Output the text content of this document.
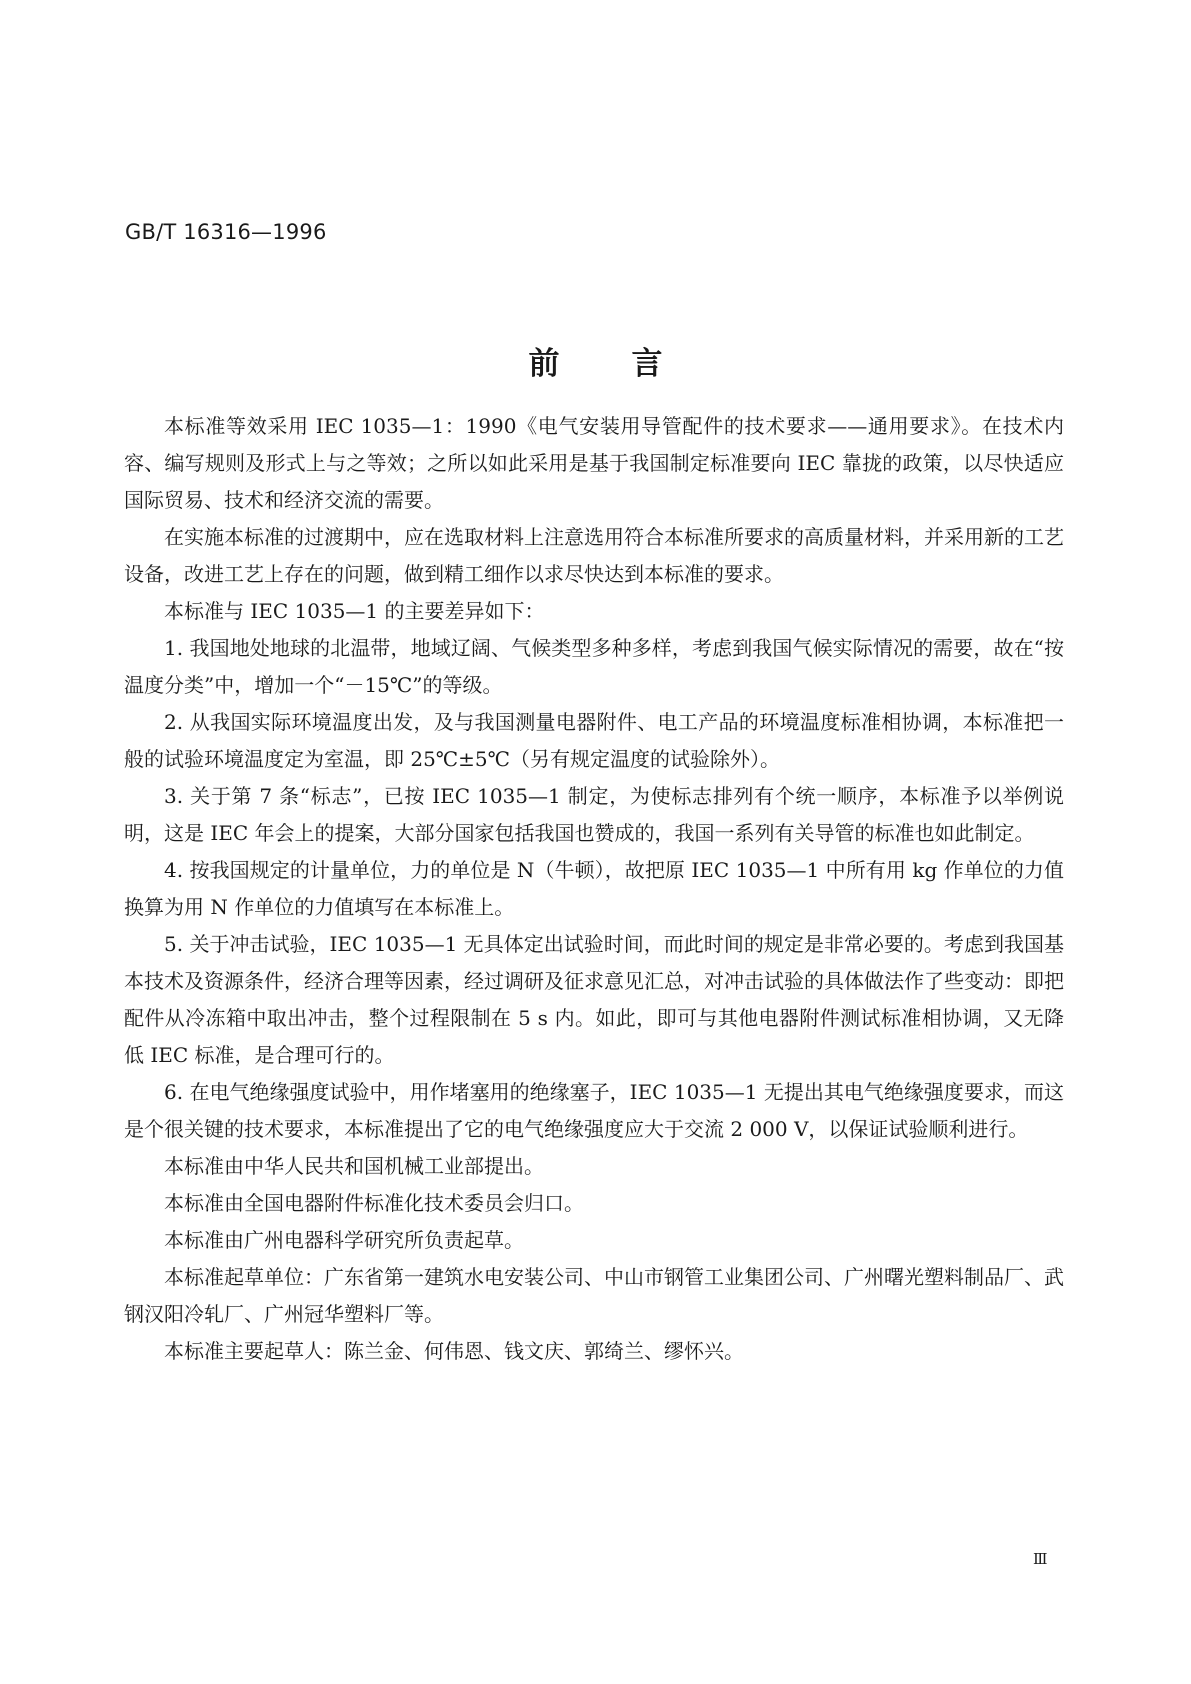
GB/T 16316—1996
前言

本标准等效采用 IEC 1035—1：1990《电气安装用导管配件的技术要求——通用要求》。在技术内容、编写规则及形式上与之等效；之所以如此采用是基于我国制定标准要向 IEC 靠拢的政策，以尽快适应国际贸易、技术和经济交流的需要。

在实施本标准的过渡期中，应在选取材料上注意选用符合本标准所要求的高质量材料，并采用新的工艺设备，改进工艺上存在的问题，做到精工细作以求尽快达到本标准的要求。

本标准与 IEC 1035—1 的主要差异如下：

1. 我国地处地球的北温带，地域辽阔、气候类型多种多样，考虑到我国气候实际情况的需要，故在“按温度分类”中，增加一个“－15℃”的等级。

2. 从我国实际环境温度出发，及与我国测量电器附件、电工产品的环境温度标准相协调，本标准把一般的试验环境温度定为室温，即 25℃±5℃（另有规定温度的试验除外）。

3. 关于第 7 条“标志”，已按 IEC 1035—1 制定，为使标志排列有个统一顺序，本标准予以举例说明，这是 IEC 年会上的提案，大部分国家包括我国也赞成的，我国一系列有关导管的标准也如此制定。

4. 按我国规定的计量单位，力的单位是 N（牛顿），故把原 IEC 1035—1 中所有用 kg 作单位的力值换算为用 N 作单位的力值填写在本标准上。

5. 关于冲击试验，IEC 1035—1 无具体定出试验时间，而此时间的规定是非常必要的。考虑到我国基本技术及资源条件，经济合理等因素，经过调研及征求意见汇总，对冲击试验的具体做法作了些变动：即把配件从冷冻箱中取出冲击，整个过程限制在 5 s 内。如此，即可与其他电器附件测试标准相协调，又无降低 IEC 标准，是合理可行的。

6. 在电气绝缘强度试验中，用作堵塞用的绝缘塞子，IEC 1035—1 无提出其电气绝缘强度要求，而这是个很关键的技术要求，本标准提出了它的电气绝缘强度应大于交流 2 000 V，以保证试验顺利进行。

本标准由中华人民共和国机械工业部提出。

本标准由全国电器附件标准化技术委员会归口。

本标准由广州电器科学研究所负责起草。

本标准起草单位：广东省第一建筑水电安装公司、中山市钢管工业集团公司、广州曙光塑料制品厂、武钢汉阳冷轧厂、广州冠华塑料厂等。

本标准主要起草人：陈兰金、何伟恩、钱文庆、郭绮兰、缪怀兴。

Ⅲ
